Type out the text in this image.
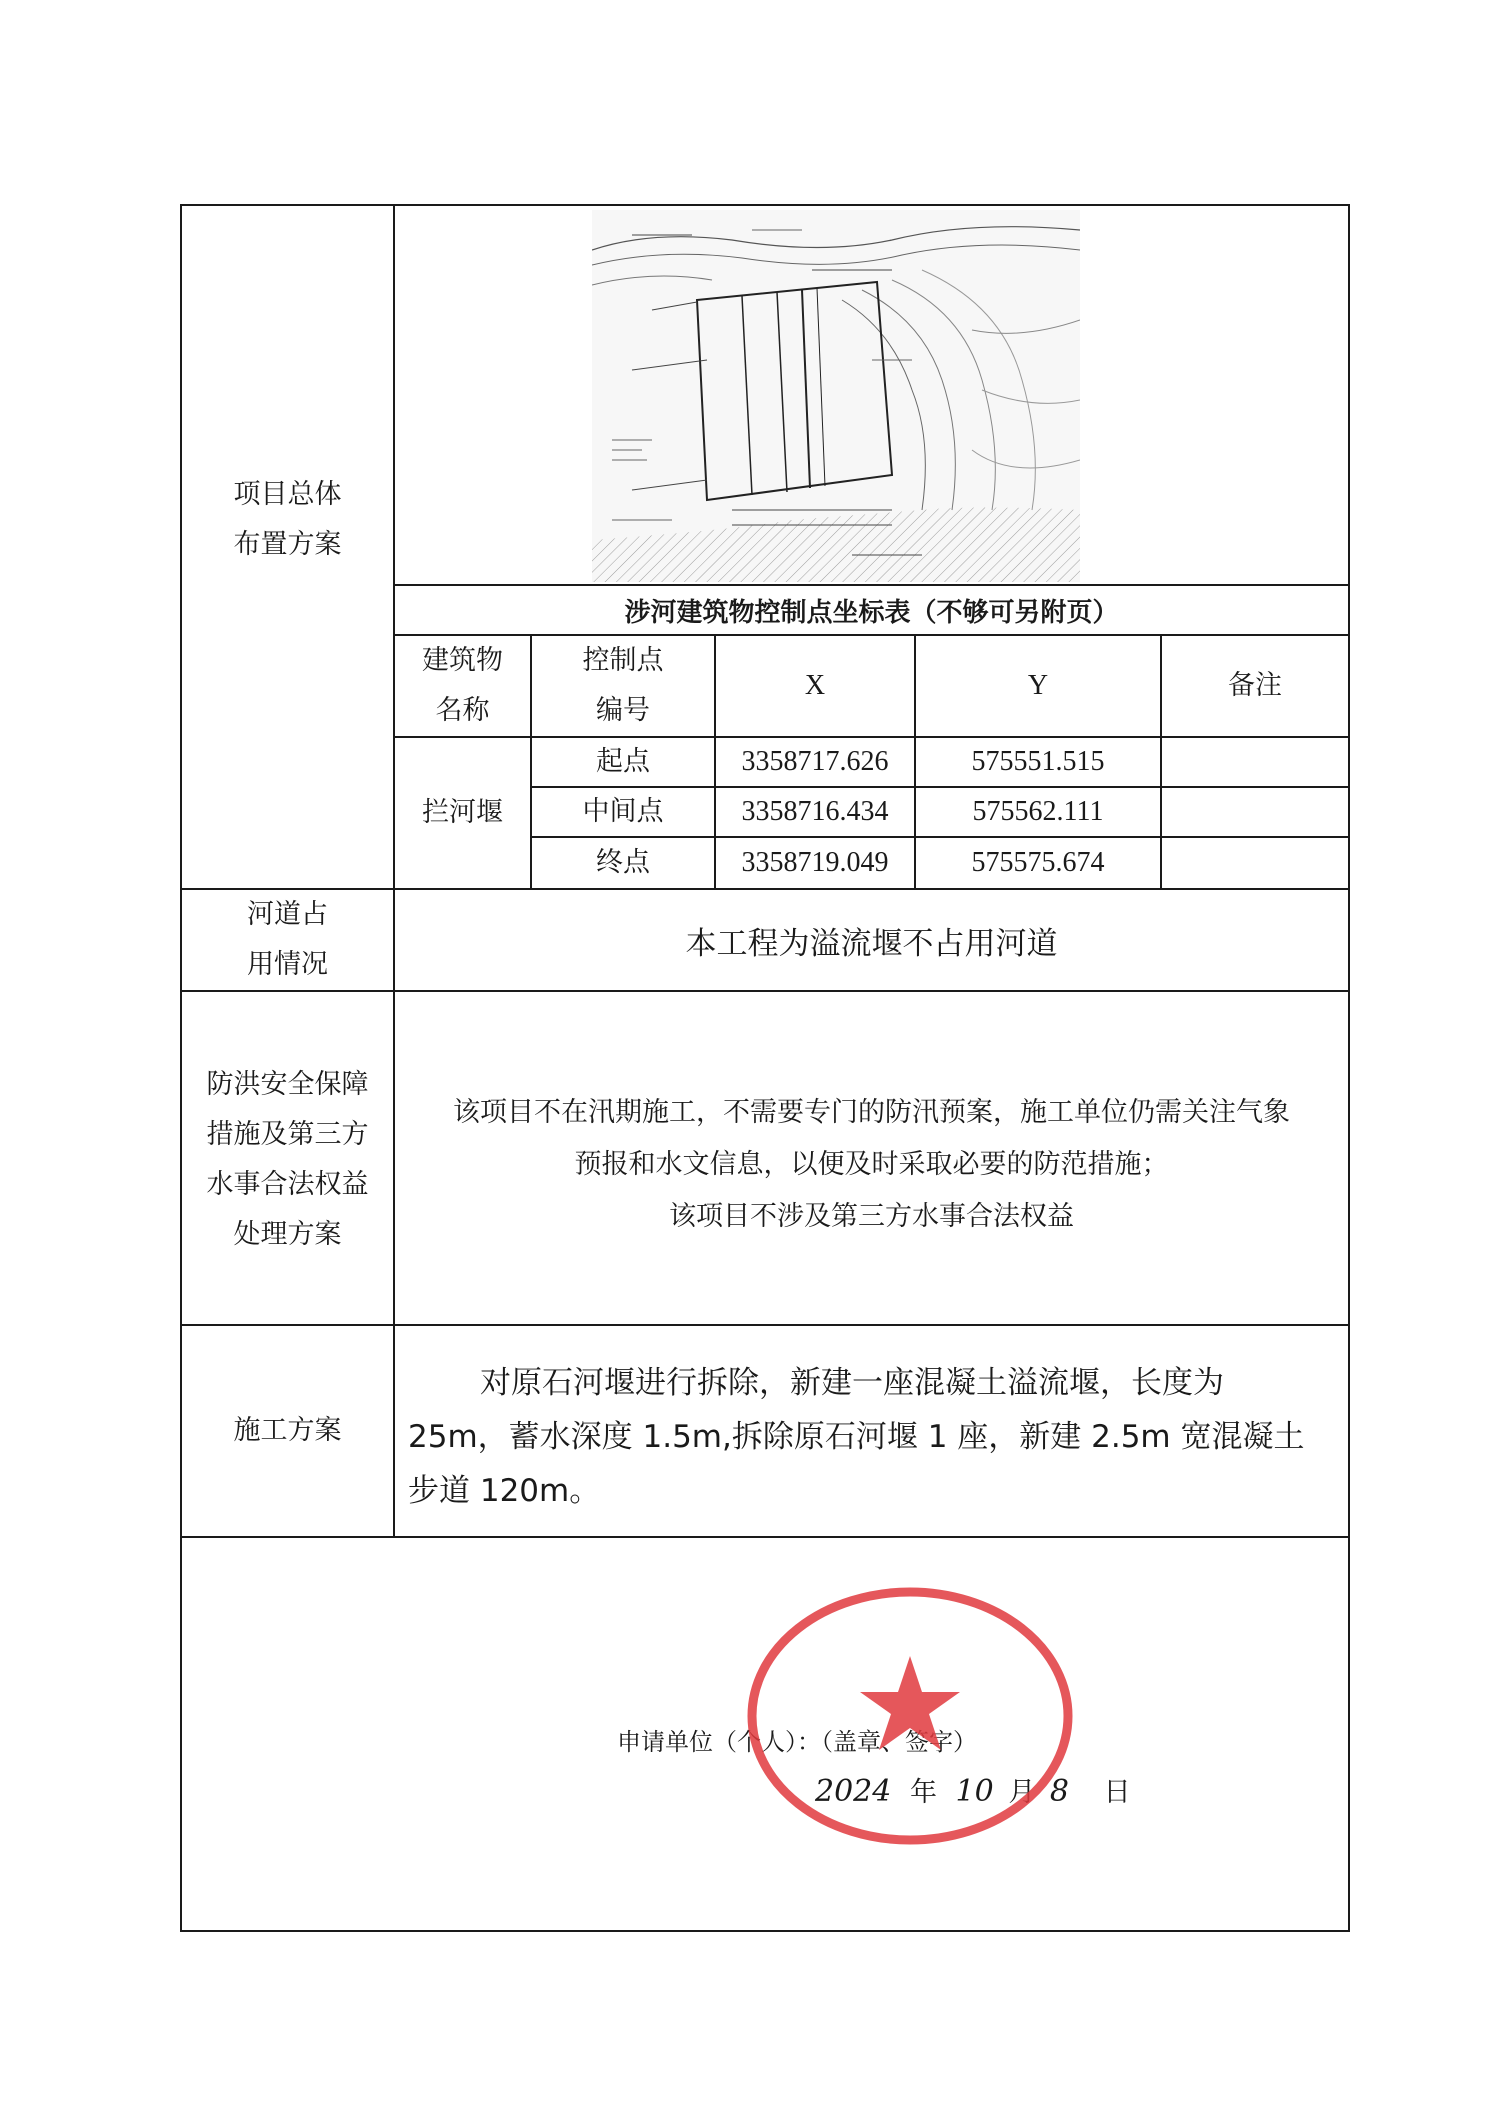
项目总体
布置方案
涉河建筑物控制点坐标表（不够可另附页）
建筑物
名称
控制点
编号
X	Y	备注
拦河堰
起点	3358717.626	575551.515
中间点	3358716.434	575562.111
终点	3358719.049	575575.674
河道占
用情况
本工程为溢流堰不占用河道
防洪安全保障
措施及第三方
水事合法权益
处理方案
该项目不在汛期施工，不需要专门的防汛预案，施工单位仍需关注气象
预报和水文信息，以便及时采取必要的防范措施；
该项目不涉及第三方水事合法权益
施工方案
对原石河堰进行拆除，新建一座混凝土溢流堰，长度为
25m，蓄水深度 1.5m,拆除原石河堰 1 座，新建 2.5m 宽混凝土
步道 120m。
申请单位（个人）：（盖章、签字）
2024 年 10 月 8 日
